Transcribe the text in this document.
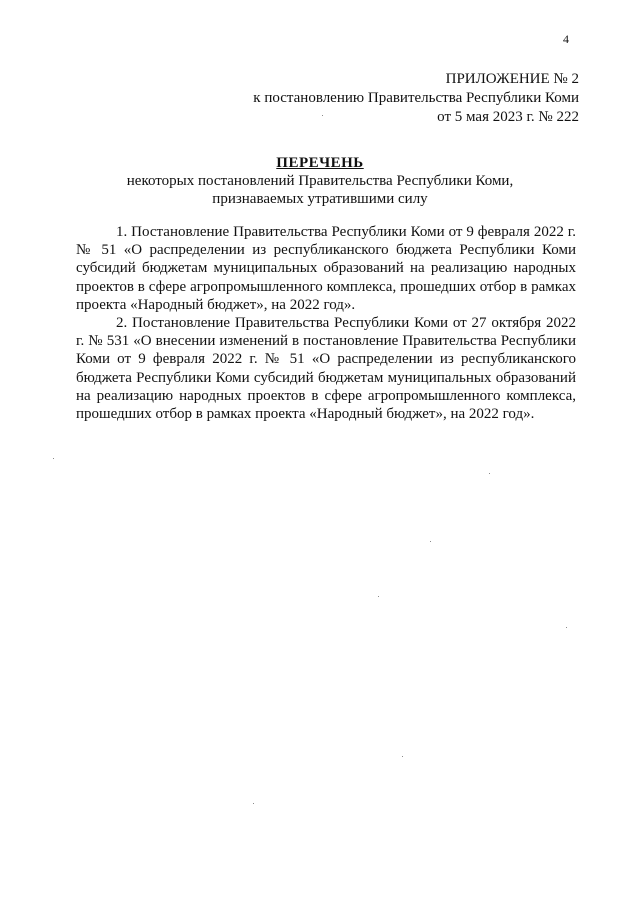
4
ПРИЛОЖЕНИЕ № 2
к постановлению Правительства Республики Коми
от 5 мая 2023 г. № 222
ПЕРЕЧЕНЬ
некоторых постановлений Правительства Республики Коми,
признаваемых утратившими силу

1. Постановление Правительства Республики Коми от 9 февраля 2022 г. № 51 «О распределении из республиканского бюджета Республики Коми субсидий бюджетам муниципальных образований на реализацию народных проектов в сфере агропромышленного комплекса, прошедших отбор в рамках проекта «Народный бюджет», на 2022 год».

2. Постановление Правительства Республики Коми от 27 октября 2022 г. № 531 «О внесении изменений в постановление Правительства Республики Коми от 9 февраля 2022 г. № 51 «О распределении из республиканского бюджета Республики Коми субсидий бюджетам муниципальных образований на реализацию народных проектов в сфере агропромышленного комплекса, прошедших отбор в рамках проекта «Народный бюджет», на 2022 год».
